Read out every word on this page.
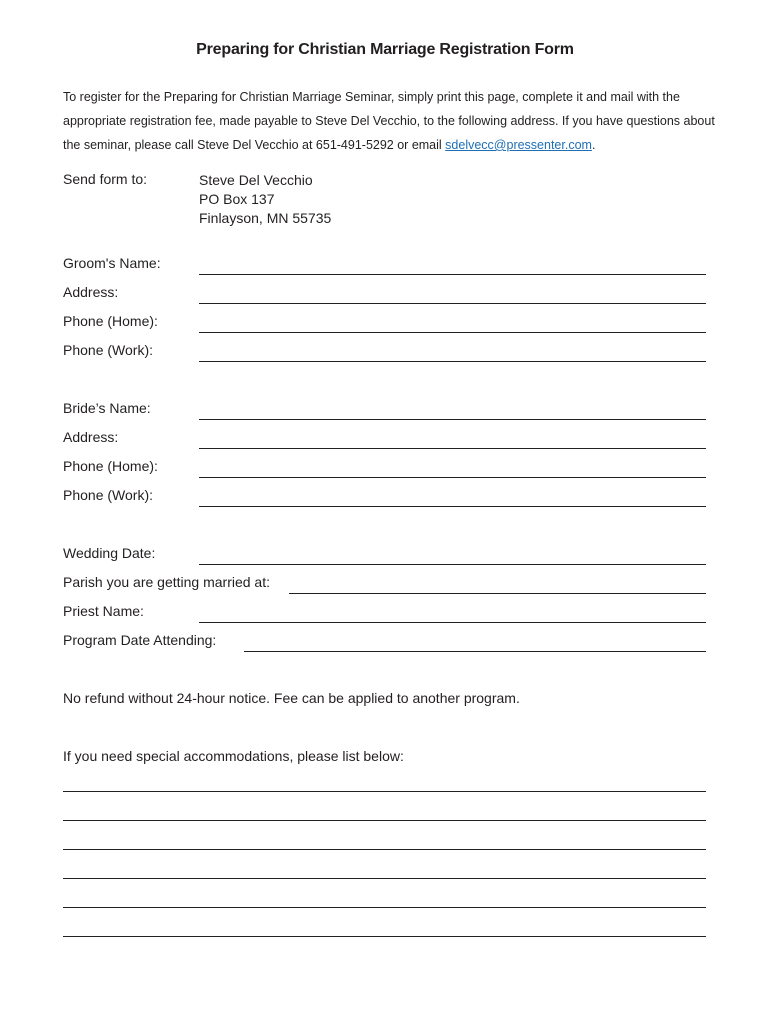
Preparing for Christian Marriage Registration Form
To register for the Preparing for Christian Marriage Seminar, simply print this page, complete it and mail with the appropriate registration fee, made payable to Steve Del Vecchio, to the following address. If you have questions about the seminar, please call Steve Del Vecchio at 651-491-5292 or email sdelvecc@pressenter.com.
Send form to:	Steve Del Vecchio
PO Box 137
Finlayson, MN 55735
Groom's Name:
Address:
Phone (Home):
Phone (Work):
Bride’s Name:
Address:
Phone (Home):
Phone (Work):
Wedding Date:
Parish you are getting married at:
Priest Name:
Program Date Attending:
No refund without 24-hour notice. Fee can be applied to another program.
If you need special accommodations, please list below:
